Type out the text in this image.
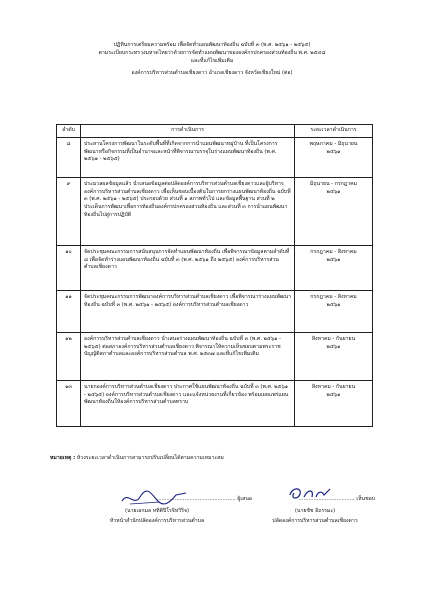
ปฏิทินการเตรียมความพร้อม เพื่อจัดทำแผนพัฒนาท้องถิ่น ฉบับที่ ๓ (พ.ศ. ๒๕๖๑ - ๒๕๖๕)
ตามระเบียบกระทรวงมหาดไทยว่าด้วยการจัดทำแผนพัฒนาขององค์กรปกครองส่วนท้องถิ่น พ.ศ. ๒๕๔๘
และที่แก้ไขเพิ่มเติม
องค์การบริหารส่วนตำบลเชียงดาว อำเภอเชียงดาว จังหวัดเชียงใหม่ (ต่อ)
ลำดับ	การดำเนินการ	ระยะเวลาดำเนินการ
๘	ประสานโครงการพัฒนาในระดับพื้นที่ที่เกิดจากการนำแผนพัฒนาหมู่บ้าน ที่เป็นโครงการพัฒนาหรือกิจกรรมที่เป็นอำนาจและหน้าที่พิจารณาบรรจุในร่างแผนพัฒนาท้องถิ่น (พ.ศ. ๒๕๖๑ - ๒๕๖๕)	พฤษภาคม - มิถุนายน
๒๕๖๑

๙	ประมวลผลข้อมูลแล้ว นำเสนอข้อมูลต่อปลัดองค์การบริหารส่วนตำบลเชียงดาวและผู้บริหารองค์การบริหารส่วนตำบลเชียงดาว เพื่อเห็นชอบเบื้องต้นในการยกร่างแผนพัฒนาท้องถิ่น ฉบับที่ ๓ (พ.ศ. ๒๕๖๑ - ๒๕๖๕) ประกอบด้วย ส่วนที่ ๑ สภาพทั่วไป และข้อมูลพื้นฐาน ส่วนที่ ๒ ประเด็นการพัฒนาเพื่อการท้องถิ่นองค์กรปกครองส่วนท้องถิ่น และส่วนที่ ๓ การนำแผนพัฒนาท้องถิ่นไปสู่การปฏิบัติ	มิถุนายน - กรกฎาคม
๒๕๖๑

๑๐	จัดประชุมคณะกรรมการสนับสนุนการจัดทำแผนพัฒนาท้องถิ่น เพื่อพิจารณาข้อมูลตามลำดับที่ ๘ เพื่อจัดทำร่างแผนพัฒนาท้องถิ่น ฉบับที่ ๓ (พ.ศ. ๒๕๖๑ ถึง ๒๕๖๕) องค์การบริหารส่วนตำบลเชียงดาว	กรกฎาคม - สิงหาคม
๒๕๖๑

๑๑	จัดประชุมคณะกรรมการพัฒนาองค์การบริหารส่วนตำบลเชียงดาว เพื่อพิจารณาร่างแผนพัฒนาท้องถิ่น ฉบับที่ ๓ (พ.ศ. ๒๕๖๑ - ๒๕๖๕) องค์การบริหารส่วนตำบลเชียงดาว	กรกฎาคม - สิงหาคม
๒๕๖๑

๑๒	องค์การบริหารส่วนตำบลเชียงดาว นำเสนอร่างแผนพัฒนาท้องถิ่น ฉบับที่ ๓ (พ.ศ. ๒๕๖๑ - ๒๕๖๕) ต่อสภาองค์การบริหารส่วนตำบลเชียงดาว พิจารณาให้ความเห็นชอบตามพระราชบัญญัติสภาตำบลและองค์การบริหารส่วนตำบล พ.ศ. ๒๕๓๗ และที่แก้ไขเพิ่มเติม	สิงหาคม - กันยายน
๒๕๖๑

๑๓	นายกองค์การบริหารส่วนตำบลเชียงดาว ประกาศใช้แผนพัฒนาท้องถิ่น ฉบับที่ ๓ (พ.ศ. ๒๕๖๑ - ๒๕๖๕) องค์การบริหารส่วนตำบลเชียงดาว และแจ้งหน่วยงานที่เกี่ยวข้อง พร้อมเผยแพร่แผนพัฒนาท้องถิ่นให้องค์การบริหารส่วนตำบลทราบ	สิงหาคม - กันยายน
๒๕๖๑
หมายเหตุ : ห้วงระยะเวลาดำเนินการสามารถปรับเปลี่ยนได้ตามความเหมาะสม
................................................ ผู้เสนอ
(นายเอกมล หทิติปิโรจิหวิริจ)
หัวหน้าสำนักปลัดองค์การบริหารส่วนตำบล
.................................. เห็นชอบ
(นายชัช อิถรรมะ)
ปลัดองค์การบริหารส่วนตำบลเชียงดาว
